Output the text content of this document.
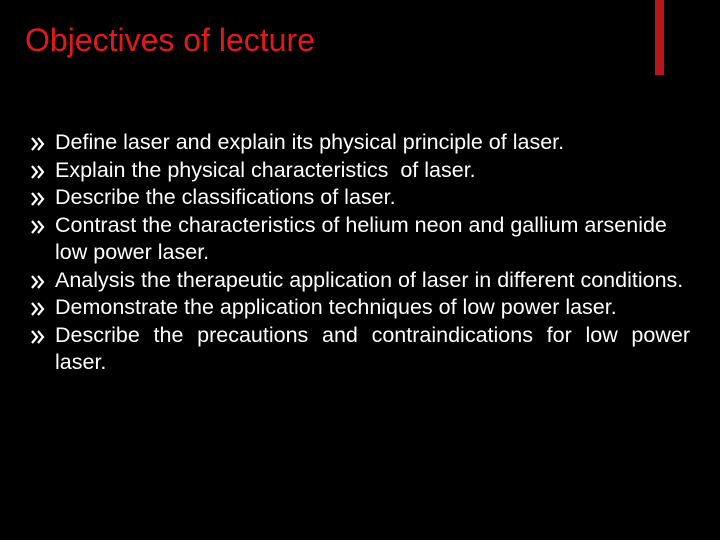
Objectives of lecture
Define laser and explain its physical principle of laser.
Explain the physical characteristics  of laser.
Describe the classifications of laser.
Contrast the characteristics of helium neon and gallium arsenide low power laser.
Analysis the therapeutic application of laser in different conditions.
Demonstrate the application techniques of low power laser.
Describe the precautions and contraindications for low power laser.
